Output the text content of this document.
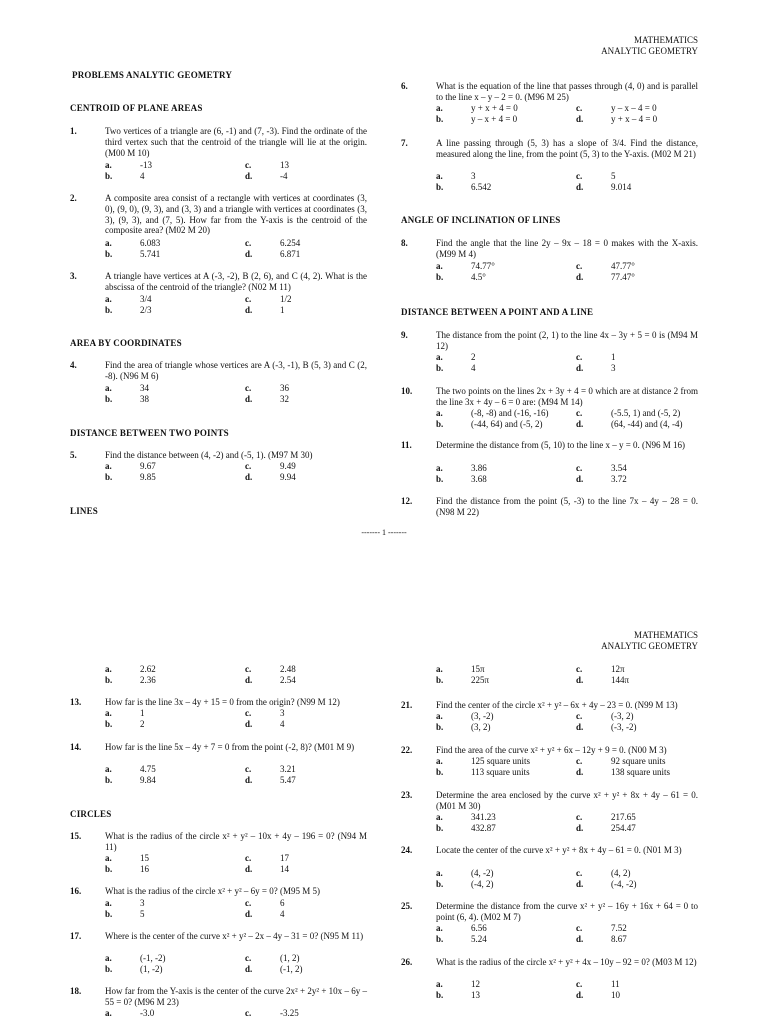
MATHEMATICS
ANALYTIC GEOMETRY
PROBLEMS ANALYTIC GEOMETRY
CENTROID OF PLANE AREAS
1.	Two vertices of a triangle are (6, -1) and (7, -3). Find the ordinate of the third vertex such that the centroid of the triangle will lie at the origin. (M00 M 10)
a.	-13	c.	13
b.	4	d.	-4
2.	A composite area consist of a rectangle with vertices at coordinates (3, 0), (9, 0), (9, 3), and (3, 3) and a triangle with vertices at coordinates (3, 3), (9, 3), and (7, 5). How far from the Y-axis is the centroid of the composite area? (M02 M 20)
a.	6.083	c.	6.254
b.	5.741	d.	6.871
3.	A triangle have vertices at A (-3, -2), B (2, 6), and C (4, 2). What is the abscissa of the centroid of the triangle? (N02 M 11)
a.	3/4	c.	1/2
b.	2/3	d.	1
AREA BY COORDINATES
4.	Find the area of triangle whose vertices are A (-3, -1), B (5, 3) and C (2, -8). (N96 M 6)
a.	34	c.	36
b.	38	d.	32
DISTANCE BETWEEN TWO POINTS
5.	Find the distance between (4, -2) and (-5, 1). (M97 M 30)
a.	9.67	c.	9.49
b.	9.85	d.	9.94
LINES
6.	What is the equation of the line that passes through (4, 0) and is parallel to the line x – y – 2 = 0. (M96 M 25)
a.	y + x + 4 = 0	c.	y – x – 4 = 0
b.	y – x + 4 = 0	d.	y + x – 4 = 0
7.	A line passing through (5, 3) has a slope of 3/4. Find the distance, measured along the line, from the point (5, 3) to the Y-axis. (M02 M 21)
a.	3	c.	5
b.	6.542	d.	9.014
ANGLE OF INCLINATION OF LINES
8.	Find the angle that the line 2y – 9x – 18 = 0 makes with the X-axis. (M99 M 4)
a.	74.77°	c.	47.77°
b.	4.5°	d.	77.47°
DISTANCE BETWEEN A POINT AND A LINE
9.	The distance from the point (2, 1) to the line 4x – 3y + 5 = 0 is (M94 M 12)
a.	2	c.	1
b.	4	d.	3
10.	The two points on the lines 2x + 3y + 4 = 0 which are at distance 2 from the line 3x + 4y – 6 = 0 are: (M94 M 14)
a.	(-8, -8) and (-16, -16)	c.	(-5.5, 1) and (-5, 2)
b.	(-44, 64) and (-5, 2)	d.	(64, -44) and (4, -4)
11.	Determine the distance from (5, 10) to the line x – y = 0. (N96 M 16)
a.	3.86	c.	3.54
b.	3.68	d.	3.72
12.	Find the distance from the point (5, -3) to the line 7x – 4y – 28 = 0. (N98 M 22)
------- 1 -------
MATHEMATICS
ANALYTIC GEOMETRY
a.	2.62	c.	2.48
b.	2.36	d.	2.54
13.	How far is the line 3x – 4y + 15 = 0 from the origin? (N99 M 12)
a.	1	c.	3
b.	2	d.	4
14.	How far is the line 5x – 4y + 7 = 0 from the point (-2, 8)? (M01 M 9)
a.	4.75	c.	3.21
b.	9.84	d.	5.47
CIRCLES
15.	What is the radius of the circle x² + y² – 10x + 4y – 196 = 0? (N94 M 11)
a.	15	c.	17
b.	16	d.	14
16.	What is the radius of the circle x² + y² – 6y = 0? (M95 M 5)
a.	3	c.	6
b.	5	d.	4
17.	Where is the center of the curve x² + y² – 2x – 4y – 31 = 0? (N95 M 11)
a.	(-1, -2)	c.	(1, 2)
b.	(1, -2)	d.	(-1, 2)
18.	How far from the Y-axis is the center of the curve 2x² + 2y² + 10x – 6y – 55 = 0? (M96 M 23)
a.	-3.0	c.	-3.25
a.	15π	c.	12π
b.	225π	d.	144π
21.	Find the center of the circle x² + y² – 6x + 4y – 23 = 0. (N99 M 13)
a.	(3, -2)	c.	(-3, 2)
b.	(3, 2)	d.	(-3, -2)
22.	Find the area of the curve x² + y² + 6x – 12y + 9 = 0. (N00 M 3)
a.	125 square units	c.	92 square units
b.	113 square units	d.	138 square units
23.	Determine the area enclosed by the curve x² + y² + 8x + 4y – 61 = 0. (M01 M 30)
a.	341.23	c.	217.65
b.	432.87	d.	254.47
24.	Locate the center of the curve x² + y² + 8x + 4y – 61 = 0. (N01 M 3)
a.	(4, -2)	c.	(4, 2)
b.	(-4, 2)	d.	(-4, -2)
25.	Determine the distance from the curve x² + y² – 16y + 16x + 64 = 0 to point (6, 4). (M02 M 7)
a.	6.56	c.	7.52
b.	5.24	d.	8.67
26.	What is the radius of the circle x² + y² + 4x – 10y – 92 = 0? (M03 M 12)
a.	12	c.	11
b.	13	d.	10
